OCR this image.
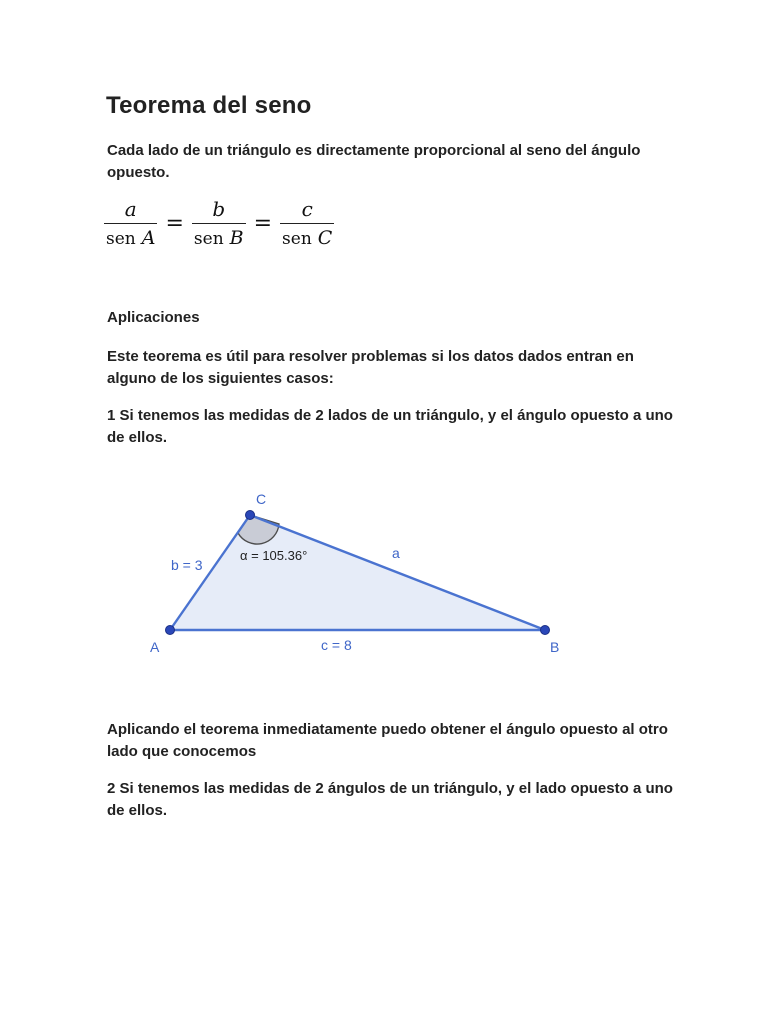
Teorema del seno
Cada lado de un triángulo es directamente proporcional al seno del ángulo opuesto.
$\frac{a}{\text{sen A}} = \frac{b}{\text{sen B}} = \frac{c}{\text{sen C}}$
Aplicaciones
Este teorema es útil para resolver problemas si los datos dados entran en alguno de los siguientes casos:
1 Si tenemos las medidas de 2 lados de un triángulo, y el ángulo opuesto a uno de ellos.
A	B
C
a
b = 3
c = 8
α = 105.36°
Aplicando el teorema inmediatamente puedo obtener el ángulo opuesto al otro lado que conocemos
2 Si tenemos las medidas de 2 ángulos de un triángulo, y el lado opuesto a uno de ellos.
